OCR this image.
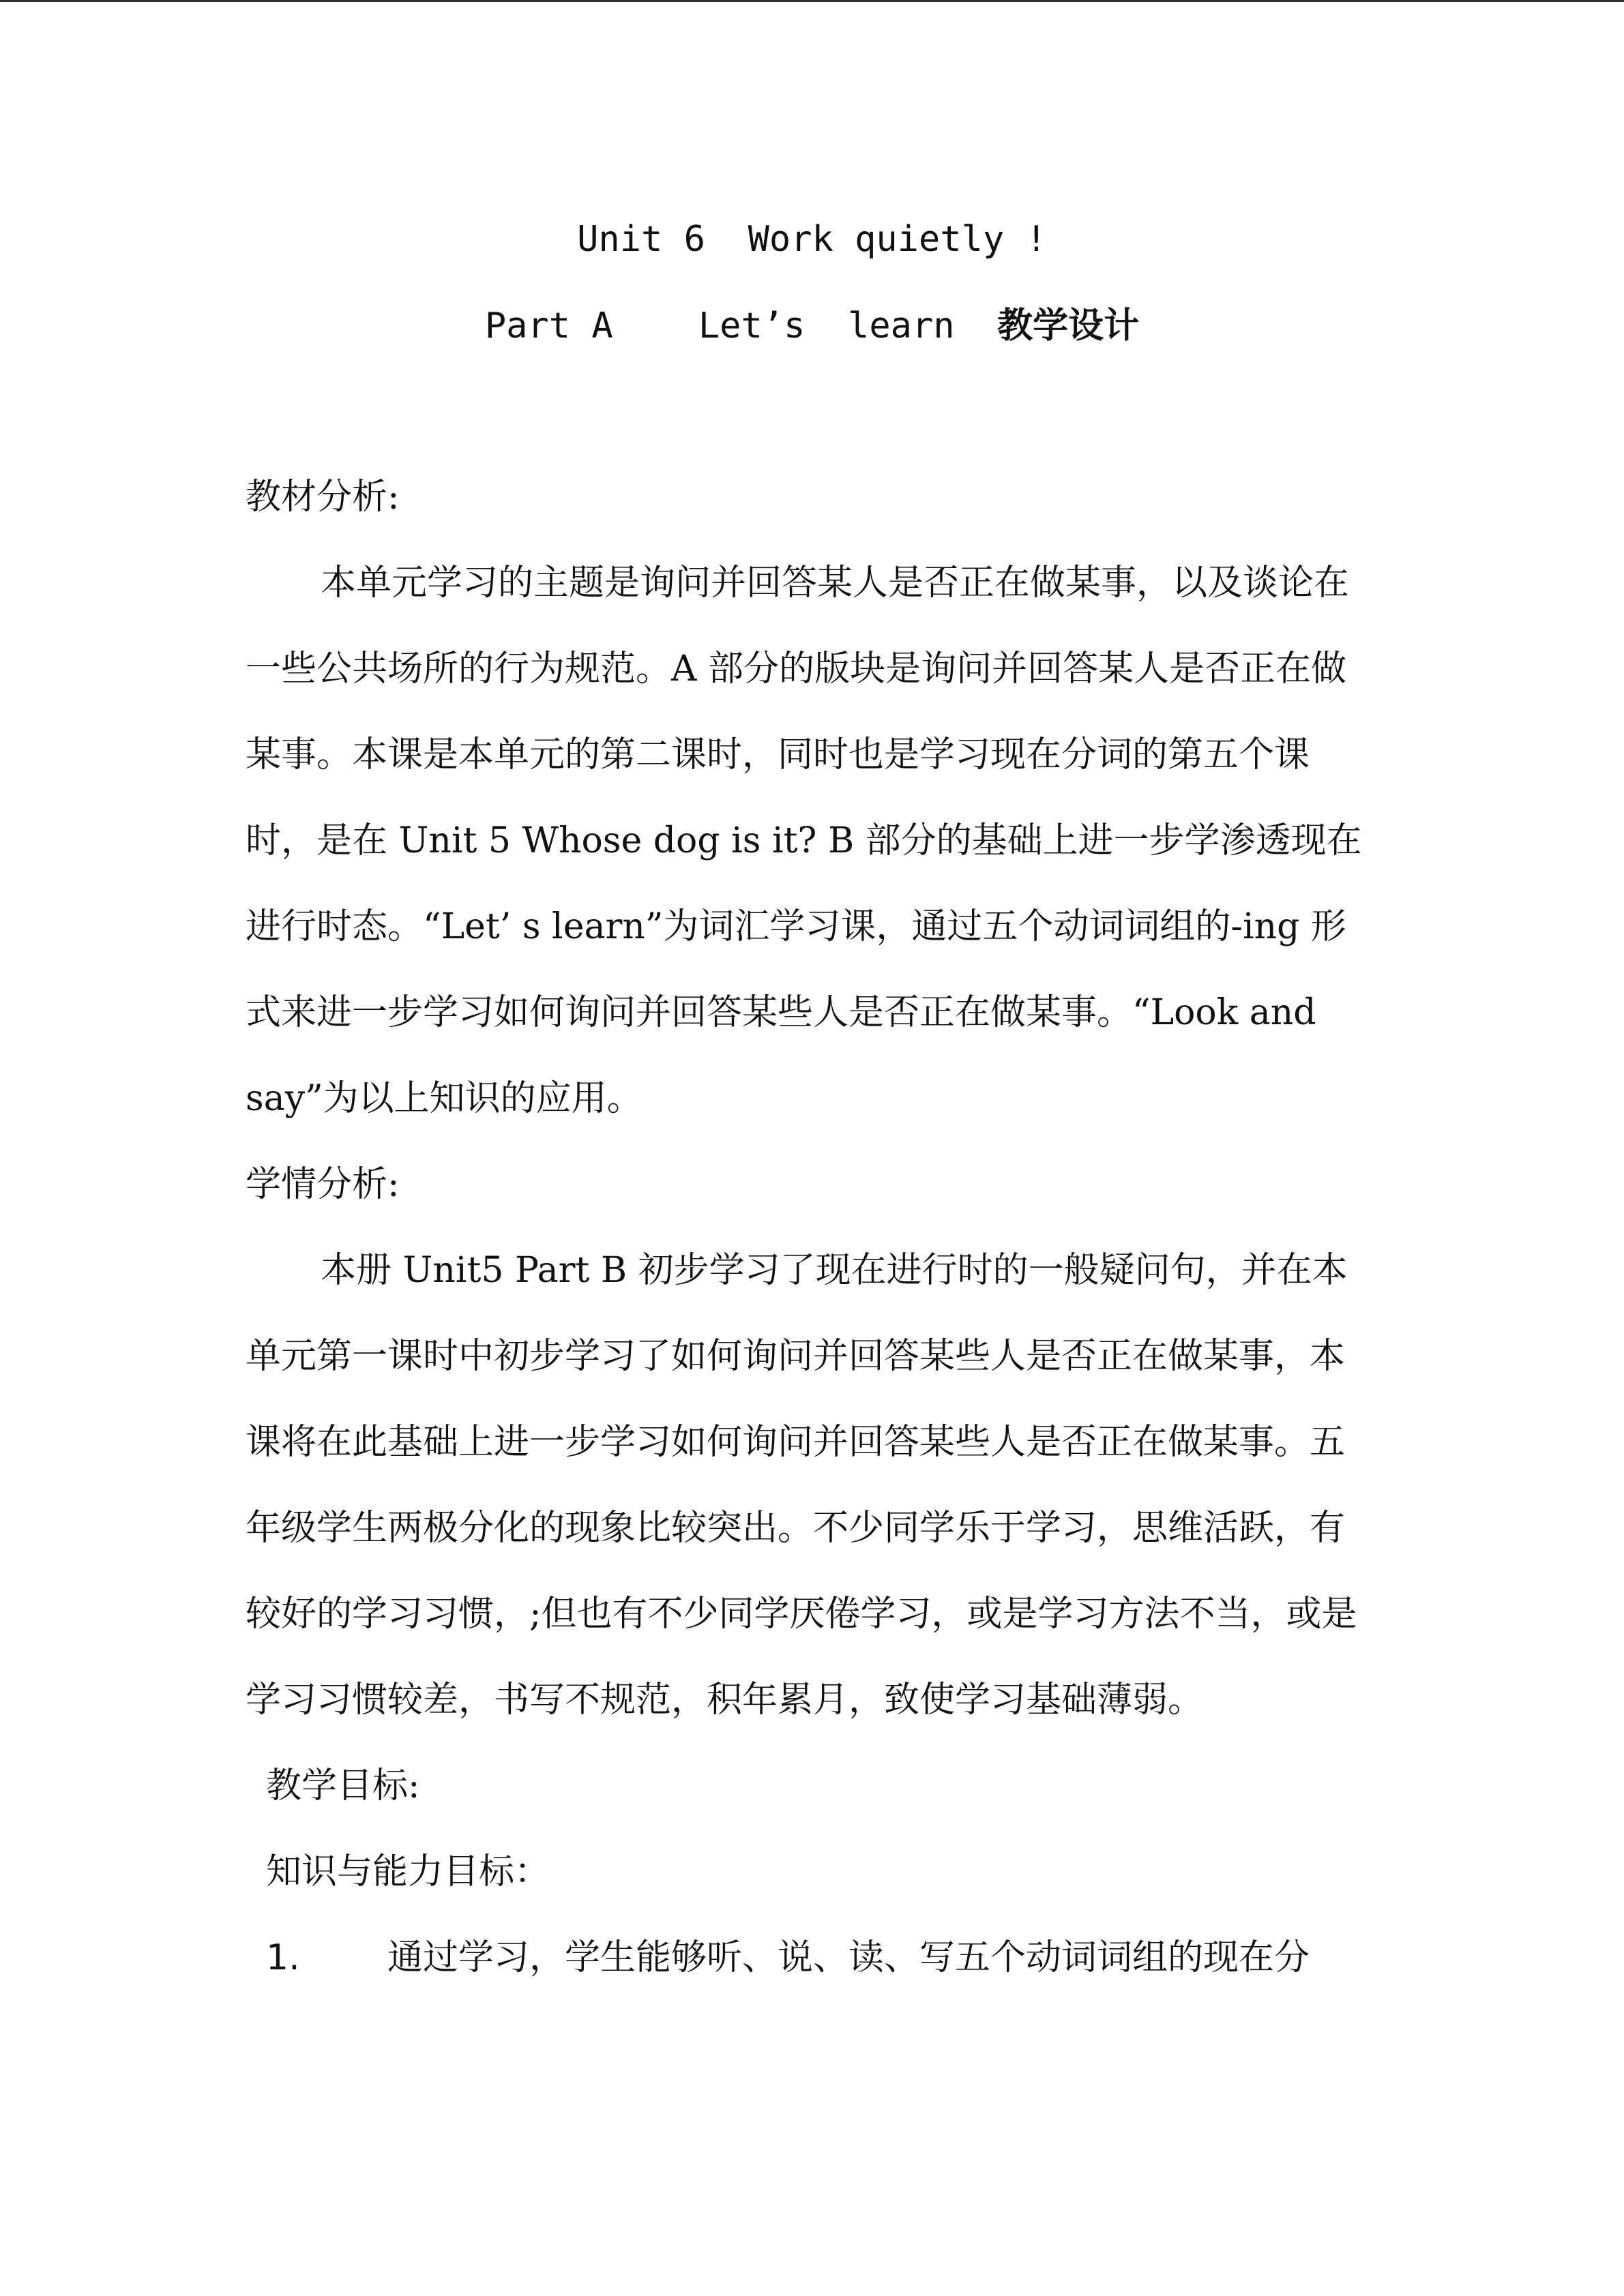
Unit 6  Work quietly !
Part A    Let’s  learn  教学设计
教材分析:
本单元学习的主题是询问并回答某人是否正在做某事，以及谈论在一些公共场所的行为规范。A 部分的版块是询问并回答某人是否正在做某事。本课是本单元的第二课时，同时也是学习现在分词的第五个课时，是在 Unit 5 Whose dog is it? B 部分的基础上进一步学渗透现在进行时态。“Let’ s learn”为词汇学习课，通过五个动词词组的-ing 形式来进一步学习如何询问并回答某些人是否正在做某事。“Look and say”为以上知识的应用。
学情分析:
本册 Unit5 Part B 初步学习了现在进行时的一般疑问句，并在本单元第一课时中初步学习了如何询问并回答某些人是否正在做某事，本课将在此基础上进一步学习如何询问并回答某些人是否正在做某事。五年级学生两极分化的现象比较突出。不少同学乐于学习，思维活跃，有较好的学习习惯，;但也有不少同学厌倦学习，或是学习方法不当，或是学习习惯较差，书写不规范，积年累月，致使学习基础薄弱。
教学目标:
知识与能力目标：
1.	通过学习，学生能够听、说、读、写五个动词词组的现在分
